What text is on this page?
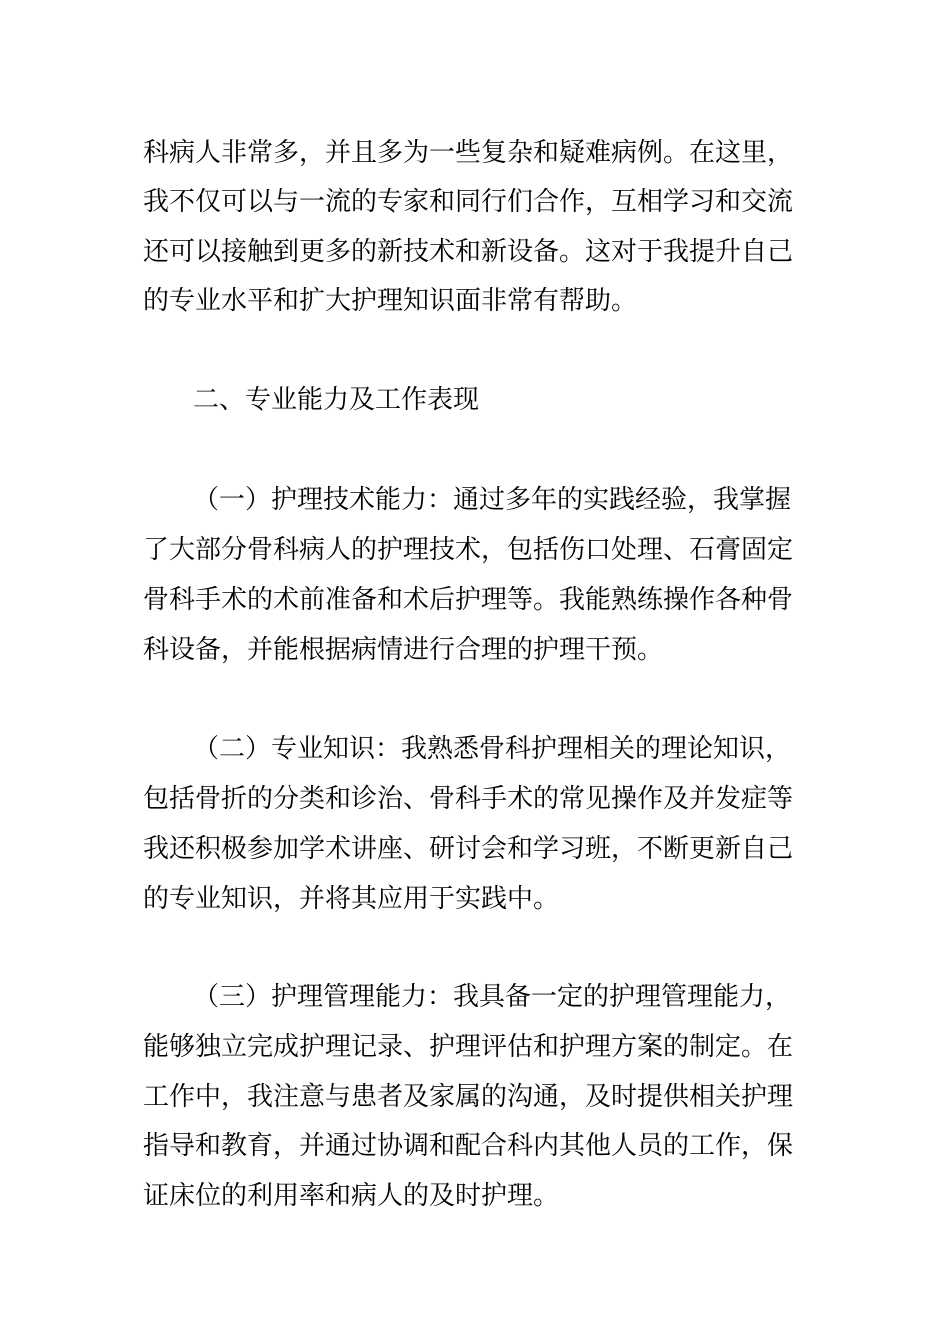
科病人非常多，并且多为一些复杂和疑难病例。在这里，
我不仅可以与一流的专家和同行们合作，互相学习和交流
还可以接触到更多的新技术和新设备。这对于我提升自己
的专业水平和扩大护理知识面非常有帮助。
二、专业能力及工作表现
（一）护理技术能力：通过多年的实践经验，我掌握
了大部分骨科病人的护理技术，包括伤口处理、石膏固定
骨科手术的术前准备和术后护理等。我能熟练操作各种骨
科设备，并能根据病情进行合理的护理干预。
（二）专业知识：我熟悉骨科护理相关的理论知识，
包括骨折的分类和诊治、骨科手术的常见操作及并发症等
我还积极参加学术讲座、研讨会和学习班，不断更新自己
的专业知识，并将其应用于实践中。
（三）护理管理能力：我具备一定的护理管理能力，
能够独立完成护理记录、护理评估和护理方案的制定。在
工作中，我注意与患者及家属的沟通，及时提供相关护理
指导和教育，并通过协调和配合科内其他人员的工作，保
证床位的利用率和病人的及时护理。
